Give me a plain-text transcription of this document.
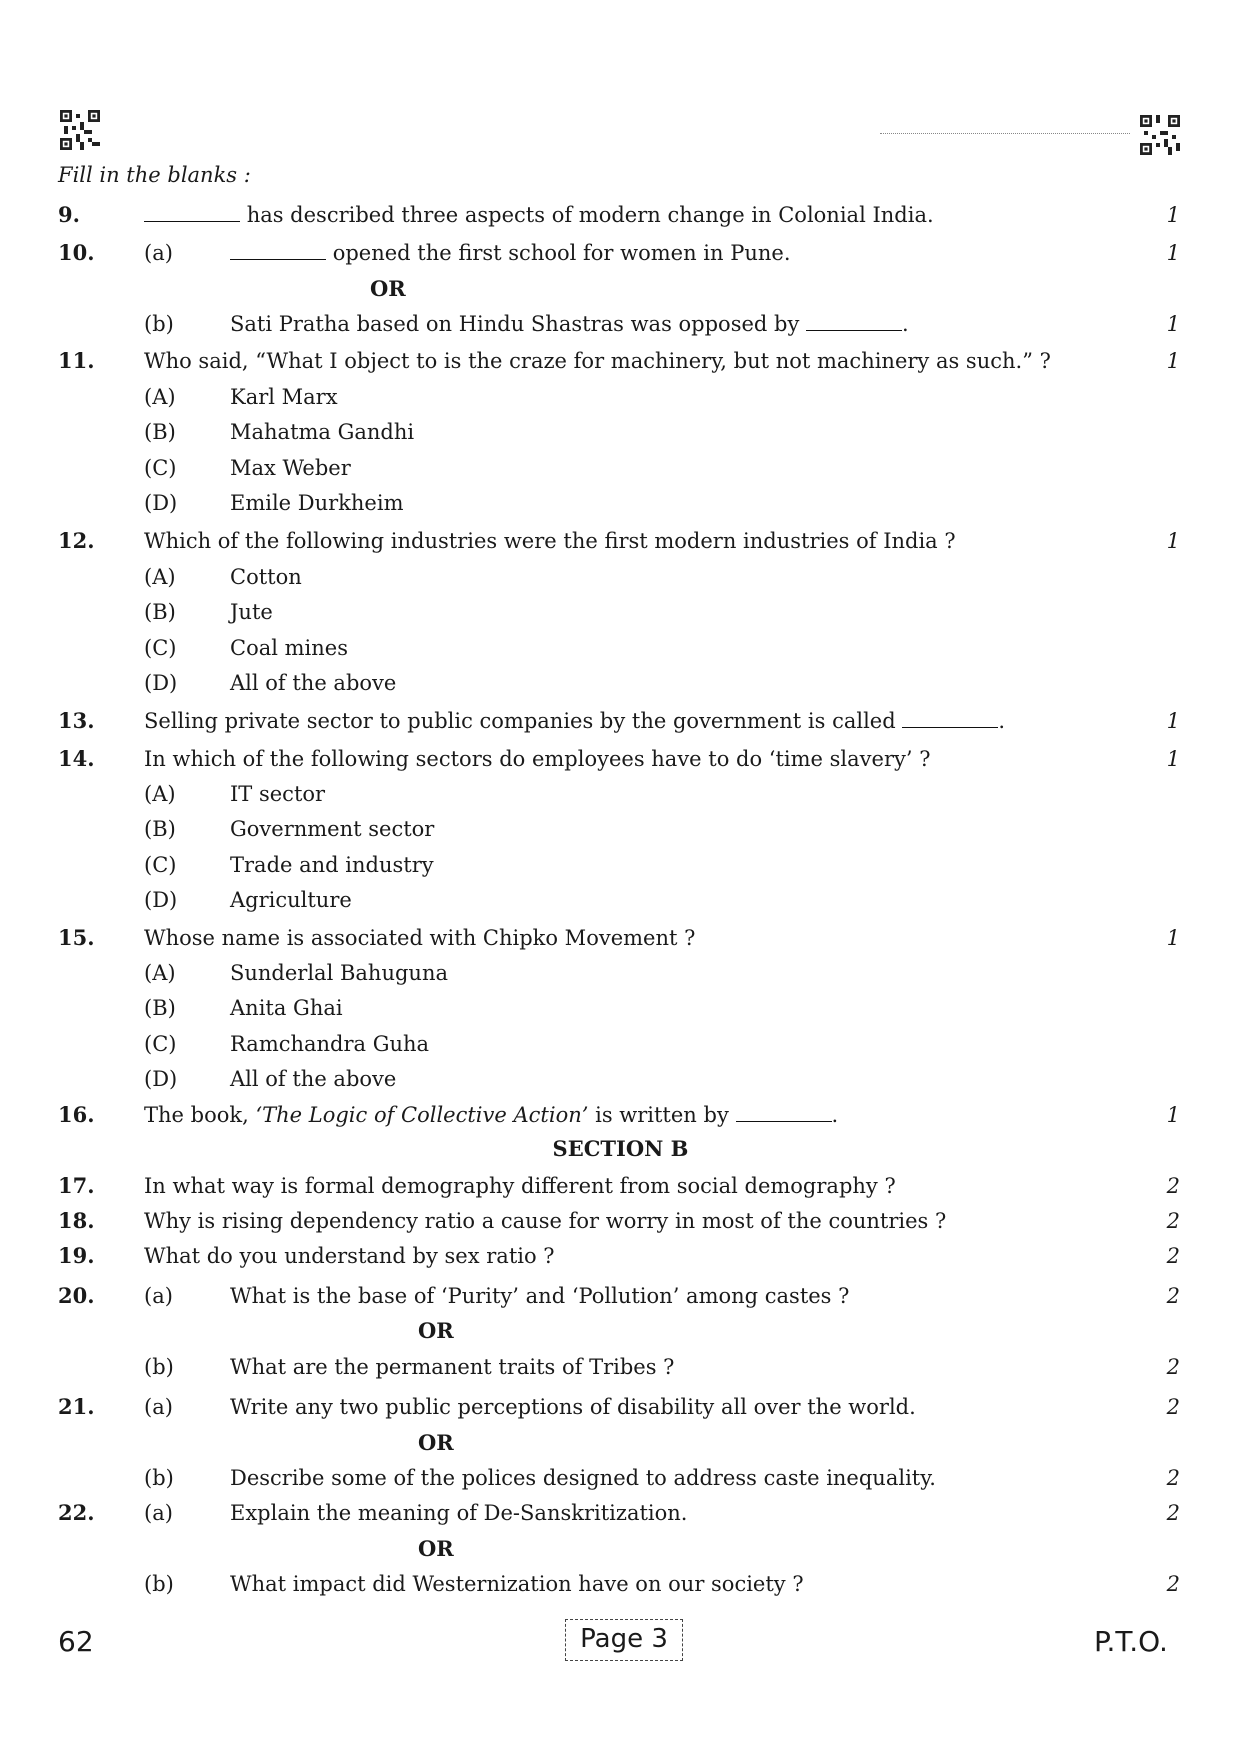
Fill in the blanks :
9.	has described three aspects of modern change in Colonial India.	1
10. (a)	opened the first school for women in Pune.	1
OR
(b)	Sati Pratha based on Hindu Shastras was opposed by	.	1
11. Who said, “What I object to is the craze for machinery, but not machinery as such.” ?	1
(A)	Karl Marx
(B)	Mahatma Gandhi
(C)	Max Weber
(D)	Emile Durkheim
12. Which of the following industries were the first modern industries of India ?	1
(A)	Cotton
(B)	Jute
(C)	Coal mines
(D)	All of the above
13. Selling private sector to public companies by the government is called	.	1
14. In which of the following sectors do employees have to do ‘time slavery’ ?	1
(A)	IT sector
(B)	Government sector
(C)	Trade and industry
(D)	Agriculture
15. Whose name is associated with Chipko Movement ?	1
(A)	Sunderlal Bahuguna
(B)	Anita Ghai
(C)	Ramchandra Guha
(D)	All of the above
16. The book, ‘The Logic of Collective Action’ is written by	.	1
SECTION B
17. In what way is formal demography different from social demography ?	2
18. Why is rising dependency ratio a cause for worry in most of the countries ?	2
19. What do you understand by sex ratio ?	2
20. (a)	What is the base of ‘Purity’ and ‘Pollution’ among castes ?	2
OR
(b)	What are the permanent traits of Tribes ?	2
21. (a)	Write any two public perceptions of disability all over the world.	2
OR
(b)	Describe some of the polices designed to address caste inequality.	2
22. (a)	Explain the meaning of De-Sanskritization.	2
OR
(b)	What impact did Westernization have on our society ?	2
62	Page 3	P.T.O.
